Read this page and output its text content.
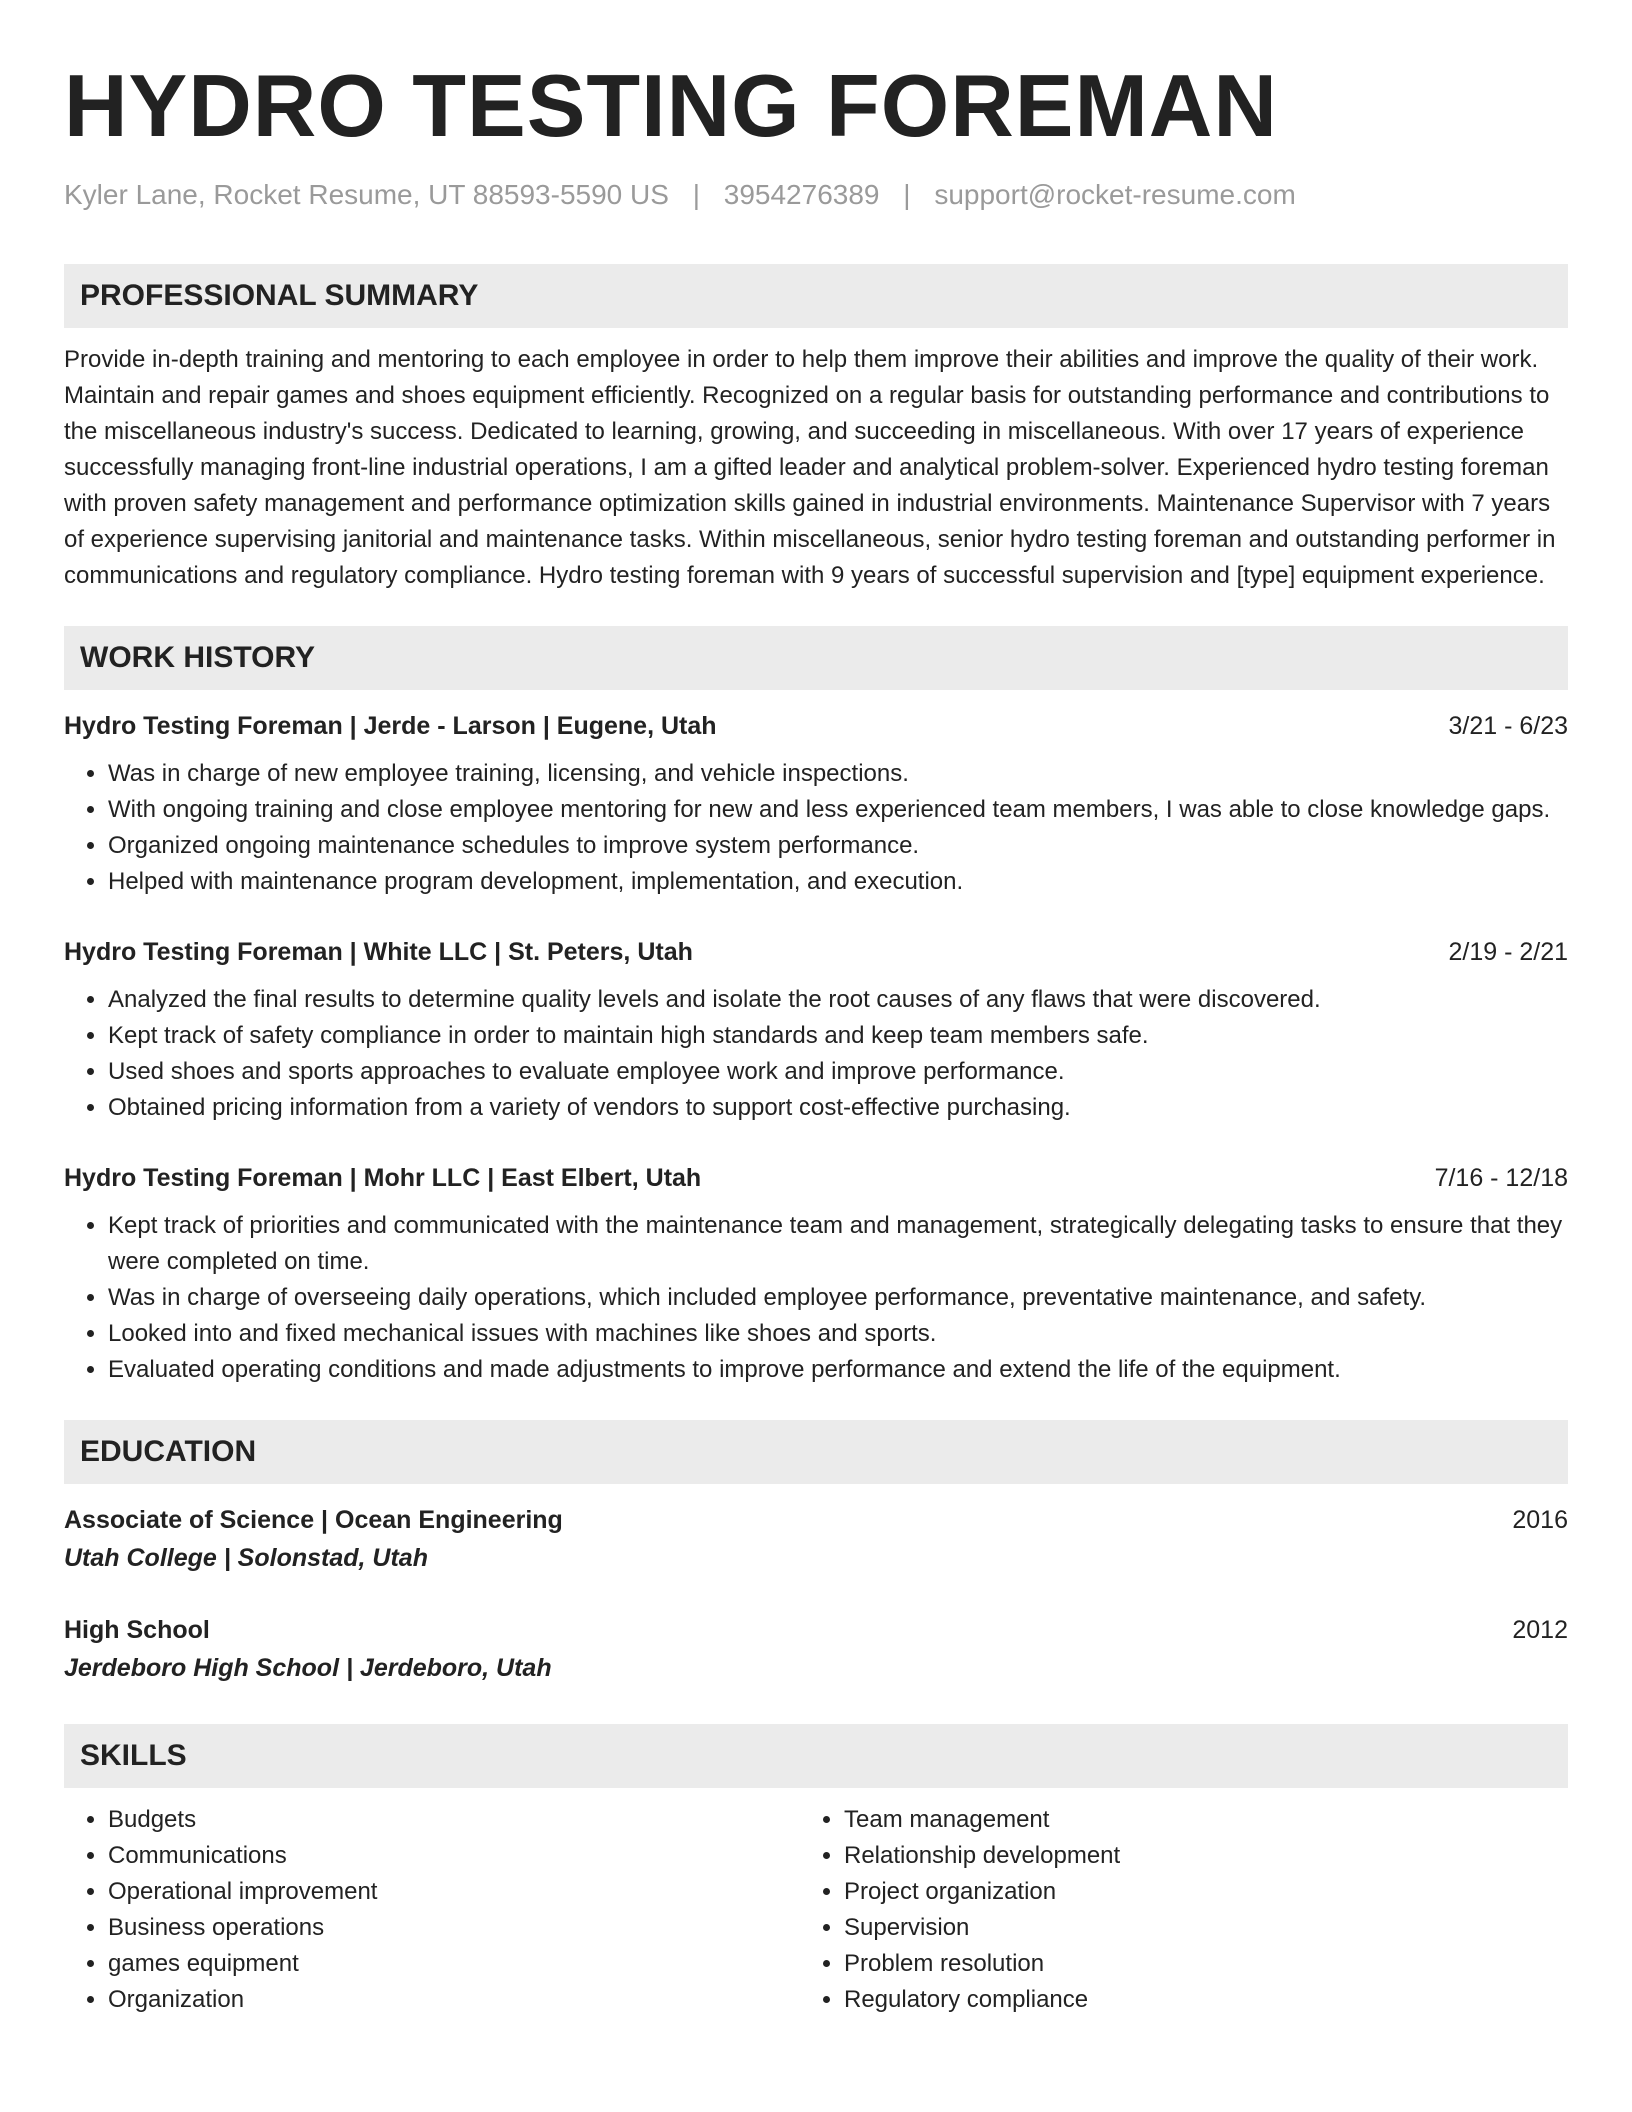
HYDRO TESTING FOREMAN
Kyler Lane, Rocket Resume, UT 88593-5590 US | 3954276389 | support@rocket-resume.com
PROFESSIONAL SUMMARY

Provide in-depth training and mentoring to each employee in order to help them improve their abilities and improve the quality of their work. Maintain and repair games and shoes equipment efficiently. Recognized on a regular basis for outstanding performance and contributions to the miscellaneous industry's success. Dedicated to learning, growing, and succeeding in miscellaneous. With over 17 years of experience successfully managing front-line industrial operations, I am a gifted leader and analytical problem-solver. Experienced hydro testing foreman with proven safety management and performance optimization skills gained in industrial environments. Maintenance Supervisor with 7 years of experience supervising janitorial and maintenance tasks. Within miscellaneous, senior hydro testing foreman and outstanding performer in communications and regulatory compliance. Hydro testing foreman with 9 years of successful supervision and [type] equipment experience.

WORK HISTORY
Hydro Testing Foreman | Jerde - Larson | Eugene, Utah	3/21 - 6/23
• Was in charge of new employee training, licensing, and vehicle inspections.
• With ongoing training and close employee mentoring for new and less experienced team members, I was able to close knowledge gaps.
• Organized ongoing maintenance schedules to improve system performance.
• Helped with maintenance program development, implementation, and execution.
Hydro Testing Foreman | White LLC | St. Peters, Utah	2/19 - 2/21
• Analyzed the final results to determine quality levels and isolate the root causes of any flaws that were discovered.
• Kept track of safety compliance in order to maintain high standards and keep team members safe.
• Used shoes and sports approaches to evaluate employee work and improve performance.
• Obtained pricing information from a variety of vendors to support cost-effective purchasing.
Hydro Testing Foreman | Mohr LLC | East Elbert, Utah	7/16 - 12/18
• Kept track of priorities and communicated with the maintenance team and management, strategically delegating tasks to ensure that they were completed on time.
• Was in charge of overseeing daily operations, which included employee performance, preventative maintenance, and safety.
• Looked into and fixed mechanical issues with machines like shoes and sports.
• Evaluated operating conditions and made adjustments to improve performance and extend the life of the equipment.
EDUCATION
Associate of Science | Ocean Engineering	2016
Utah College | Solonstad, Utah
High School	2012
Jerdeboro High School | Jerdeboro, Utah
SKILLS
• Budgets
• Communications
• Operational improvement
• Business operations
• games equipment
• Organization
• Team management
• Relationship development
• Project organization
• Supervision
• Problem resolution
• Regulatory compliance
